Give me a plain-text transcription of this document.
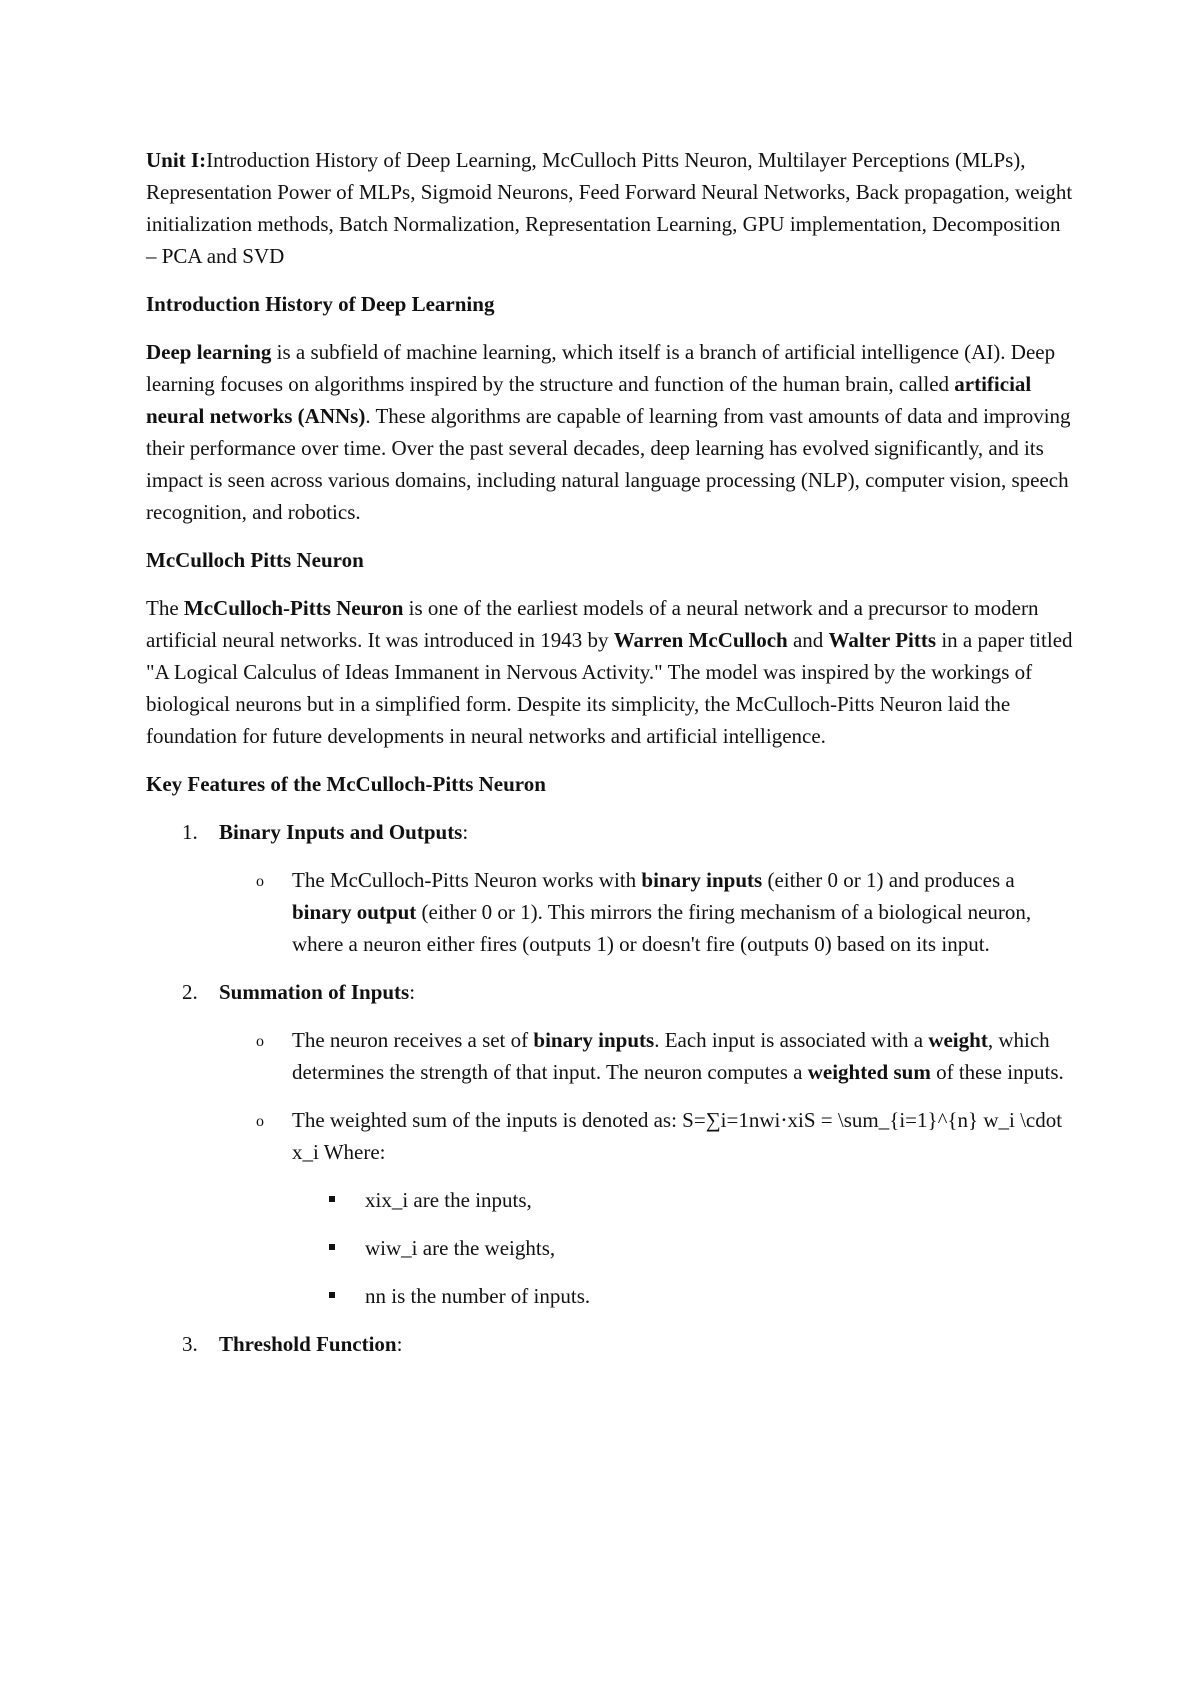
Unit I:Introduction History of Deep Learning, McCulloch Pitts Neuron, Multilayer Perceptions (MLPs), Representation Power of MLPs, Sigmoid Neurons, Feed Forward Neural Networks, Back propagation, weight initialization methods, Batch Normalization, Representation Learning, GPU implementation, Decomposition – PCA and SVD

Introduction History of Deep Learning

Deep learning is a subfield of machine learning, which itself is a branch of artificial intelligence (AI). Deep learning focuses on algorithms inspired by the structure and function of the human brain, called artificial neural networks (ANNs). These algorithms are capable of learning from vast amounts of data and improving their performance over time. Over the past several decades, deep learning has evolved significantly, and its impact is seen across various domains, including natural language processing (NLP), computer vision, speech recognition, and robotics.

McCulloch Pitts Neuron

The McCulloch-Pitts Neuron is one of the earliest models of a neural network and a precursor to modern artificial neural networks. It was introduced in 1943 by Warren McCulloch and Walter Pitts in a paper titled "A Logical Calculus of Ideas Immanent in Nervous Activity." The model was inspired by the workings of biological neurons but in a simplified form. Despite its simplicity, the McCulloch-Pitts Neuron laid the foundation for future developments in neural networks and artificial intelligence.

Key Features of the McCulloch-Pitts Neuron
1.	Binary Inputs and Outputs:
o The McCulloch-Pitts Neuron works with binary inputs (either 0 or 1) and produces a binary output (either 0 or 1). This mirrors the firing mechanism of a biological neuron, where a neuron either fires (outputs 1) or doesn't fire (outputs 0) based on its input.
2.	Summation of Inputs:
o The neuron receives a set of binary inputs. Each input is associated with a weight, which determines the strength of that input. The neuron computes a weighted sum of these inputs.
o The weighted sum of the inputs is denoted as: S=∑i=1nwi⋅xiS = \sum_{i=1}^{n} w_i \cdot x_i Where:
xix_i are the inputs,
wiw_i are the weights,
nn is the number of inputs.
3.	Threshold Function:
